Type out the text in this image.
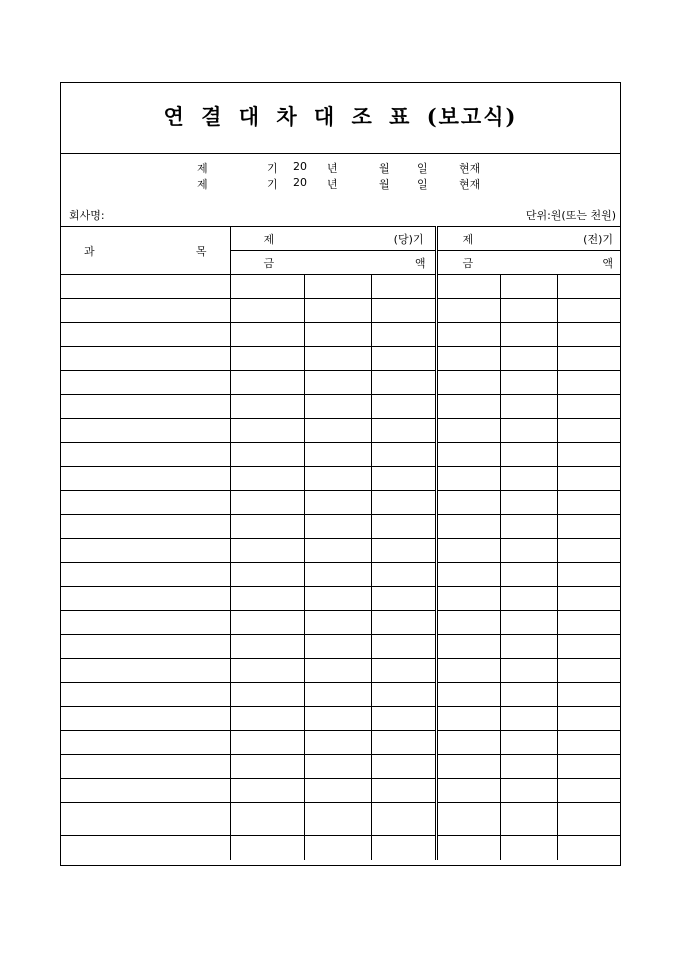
연 결 대 차 대 조 표 (보고식)
제	기 20 년	월 일	현재
제	기 20 년	월 일	현재
회사명:	단위:원(또는 천원)
과 목	제 (당)기			제 (전)기		

	금 액			금 액		
